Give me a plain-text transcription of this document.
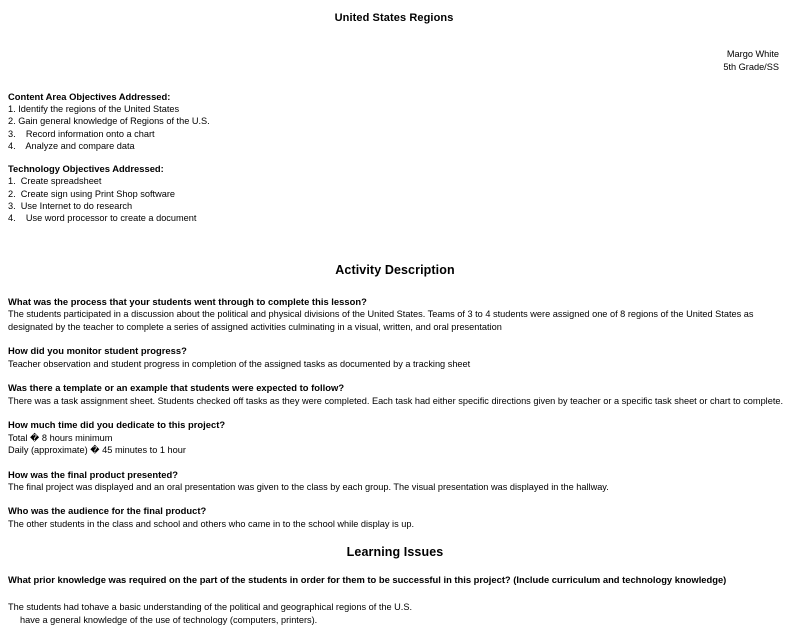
United States Regions
Margo White
5th Grade/SS

Content Area Objectives Addressed:

1. Identify the regions of the United States
2. Gain general knowledge of Regions of the U.S.
3.    Record information onto a chart
4.    Analyze and compare data

Technology Objectives Addressed:

1.  Create spreadsheet
2.  Create sign using Print Shop software
3.  Use Internet to do research
4.    Use word processor to create a document
Activity Description

What was the process that your students went through to complete this lesson?

The students participated in a discussion about the political and physical divisions of the United States. Teams of 3 to 4 students were assigned one of 8 regions of the United States as designated by the teacher to complete a series of assigned activities culminating in a visual, written, and oral presentation

How did you monitor student progress?

Teacher observation and student progress in completion of the assigned tasks as documented by a tracking sheet

Was there a template or an example that students were expected to follow?

There was a task assignment sheet. Students checked off tasks as they were completed. Each task had either specific directions given by teacher or a specific task sheet or chart to complete.

How much time did you dedicate to this project?

Total � 8 hours minimum
Daily (approximate) � 45 minutes to 1 hour

How was the final product presented?

The final project was displayed and an oral presentation was given to the class by each group. The visual presentation was displayed in the hallway.

Who was the audience for the final product?

The other students in the class and school and others who came in to the school while display is up.

Learning Issues

What prior knowledge was required on the part of the students in order for them to be successful in this project? (Include curriculum and technology knowledge)

The students had tohave a basic understanding of the political and geographical regions of the U.S.
have a general knowledge of the use of technology (computers, printers).
